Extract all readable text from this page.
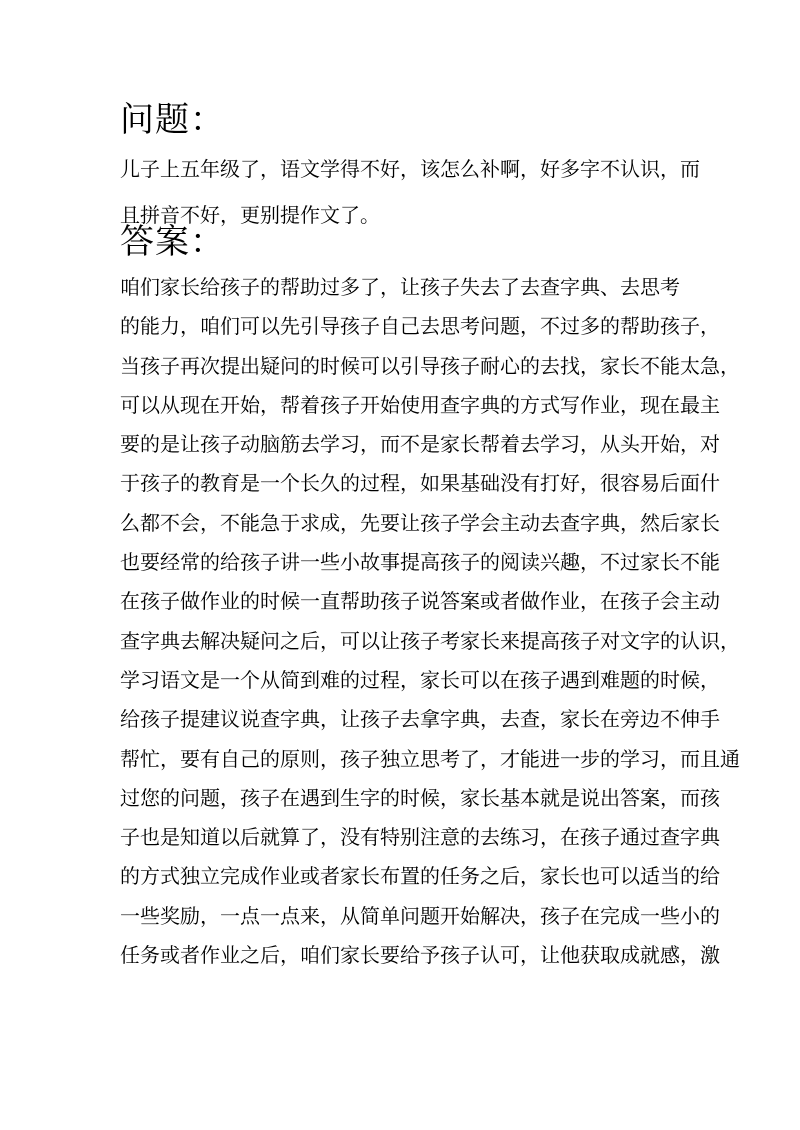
问题：
儿子上五年级了，语文学得不好，该怎么补啊，好多字不认识，而
且拼音不好，更别提作文了。
答案：
咱们家长给孩子的帮助过多了，让孩子失去了去查字典、去思考
的能力，咱们可以先引导孩子自己去思考问题，不过多的帮助孩子，
当孩子再次提出疑问的时候可以引导孩子耐心的去找，家长不能太急，
可以从现在开始，帮着孩子开始使用查字典的方式写作业，现在最主
要的是让孩子动脑筋去学习，而不是家长帮着去学习，从头开始，对
于孩子的教育是一个长久的过程，如果基础没有打好，很容易后面什
么都不会，不能急于求成，先要让孩子学会主动去查字典，然后家长
也要经常的给孩子讲一些小故事提高孩子的阅读兴趣，不过家长不能
在孩子做作业的时候一直帮助孩子说答案或者做作业，在孩子会主动
查字典去解决疑问之后，可以让孩子考家长来提高孩子对文字的认识，
学习语文是一个从简到难的过程，家长可以在孩子遇到难题的时候，
给孩子提建议说查字典，让孩子去拿字典，去查，家长在旁边不伸手
帮忙，要有自己的原则，孩子独立思考了，才能进一步的学习，而且通
过您的问题，孩子在遇到生字的时候，家长基本就是说出答案，而孩
子也是知道以后就算了，没有特别注意的去练习，在孩子通过查字典
的方式独立完成作业或者家长布置的任务之后，家长也可以适当的给
一些奖励，一点一点来，从简单问题开始解决，孩子在完成一些小的
任务或者作业之后，咱们家长要给予孩子认可，让他获取成就感，激
